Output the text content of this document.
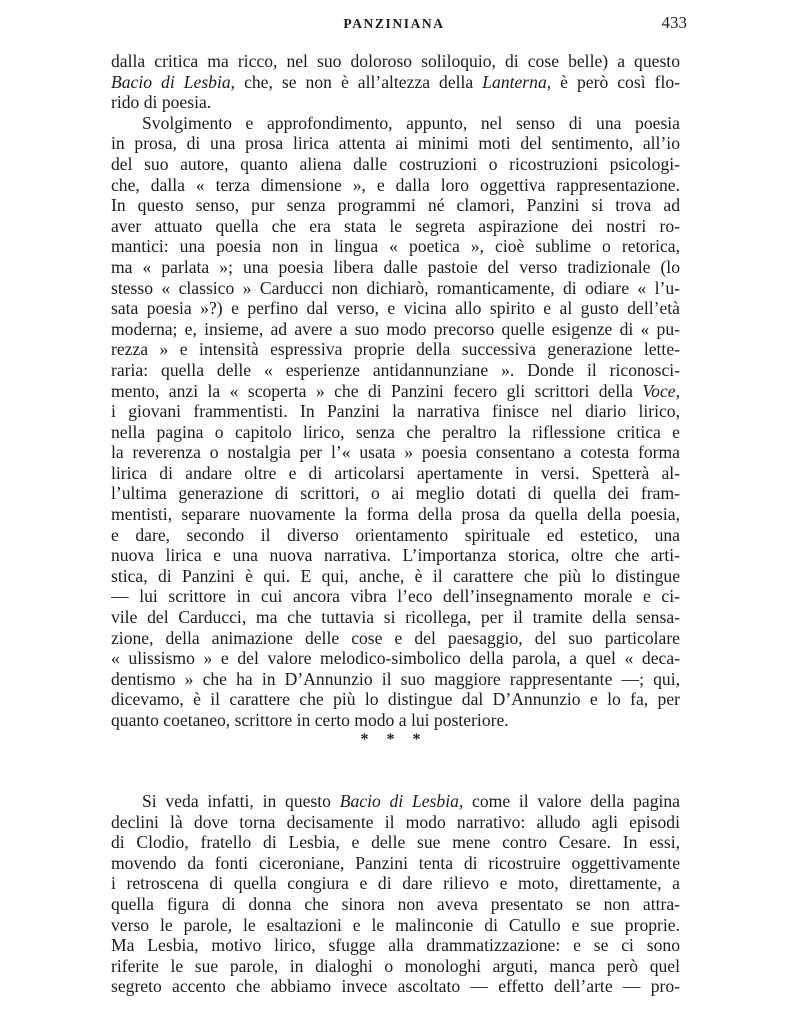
PANZINIANA	433
dalla critica ma ricco, nel suo doloroso soliloquio, di cose belle) a questo
Bacio di Lesbia, che, se non è all’altezza della Lanterna, è però così flo-
rido di poesia.
Svolgimento e approfondimento, appunto, nel senso di una poesia
in prosa, di una prosa lirica attenta ai minimi moti del sentimento, all’io
del suo autore, quanto aliena dalle costruzioni o ricostruzioni psicologi-
che, dalla « terza dimensione », e dalla loro oggettiva rappresentazione.
In questo senso, pur senza programmi né clamori, Panzini si trova ad
aver attuato quella che era stata le segreta aspirazione dei nostri ro-
mantici: una poesia non in lingua « poetica », cioè sublime o retorica,
ma « parlata »; una poesia libera dalle pastoie del verso tradizionale (lo
stesso « classico » Carducci non dichiarò, romanticamente, di odiare « l’u-
sata poesia »?) e perfino dal verso, e vicina allo spirito e al gusto dell’età
moderna; e, insieme, ad avere a suo modo precorso quelle esigenze di « pu-
rezza » e intensità espressiva proprie della successiva generazione lette-
raria: quella delle « esperienze antidannunziane ». Donde il riconosci-
mento, anzi la « scoperta » che di Panzini fecero gli scrittori della Voce,
i giovani frammentisti. In Panzini la narrativa finisce nel diario lirico,
nella pagina o capitolo lirico, senza che peraltro la riflessione critica e
la reverenza o nostalgia per l’« usata » poesia consentano a cotesta forma
lirica di andare oltre e di articolarsi apertamente in versi. Spetterà al-
l’ultima generazione di scrittori, o ai meglio dotati di quella dei fram-
mentisti, separare nuovamente la forma della prosa da quella della poesia,
e dare, secondo il diverso orientamento spirituale ed estetico, una
nuova lirica e una nuova narrativa. L’importanza storica, oltre che arti-
stica, di Panzini è qui. E qui, anche, è il carattere che più lo distingue
— lui scrittore in cui ancora vibra l’eco dell’insegnamento morale e ci-
vile del Carducci, ma che tuttavia si ricollega, per il tramite della sensa-
zione, della animazione delle cose e del paesaggio, del suo particolare
« ulissismo » e del valore melodico-simbolico della parola, a quel « deca-
dentismo » che ha in D’Annunzio il suo maggiore rappresentante —; qui,
dicevamo, è il carattere che più lo distingue dal D’Annunzio e lo fa, per
quanto coetaneo, scrittore in certo modo a lui posteriore.
* * *
Si veda infatti, in questo Bacio di Lesbia, come il valore della pagina
declini là dove torna decisamente il modo narrativo: alludo agli episodi
di Clodio, fratello di Lesbia, e delle sue mene contro Cesare. In essi,
movendo da fonti ciceroniane, Panzini tenta di ricostruire oggettivamente
i retroscena di quella congiura e di dare rilievo e moto, direttamente, a
quella figura di donna che sinora non aveva presentato se non attra-
verso le parole, le esaltazioni e le malinconie di Catullo e sue proprie.
Ma Lesbia, motivo lirico, sfugge alla drammatizzazione: e se ci sono
riferite le sue parole, in dialoghi o monologhi arguti, manca però quel
segreto accento che abbiamo invece ascoltato — effetto dell’arte — pro-
